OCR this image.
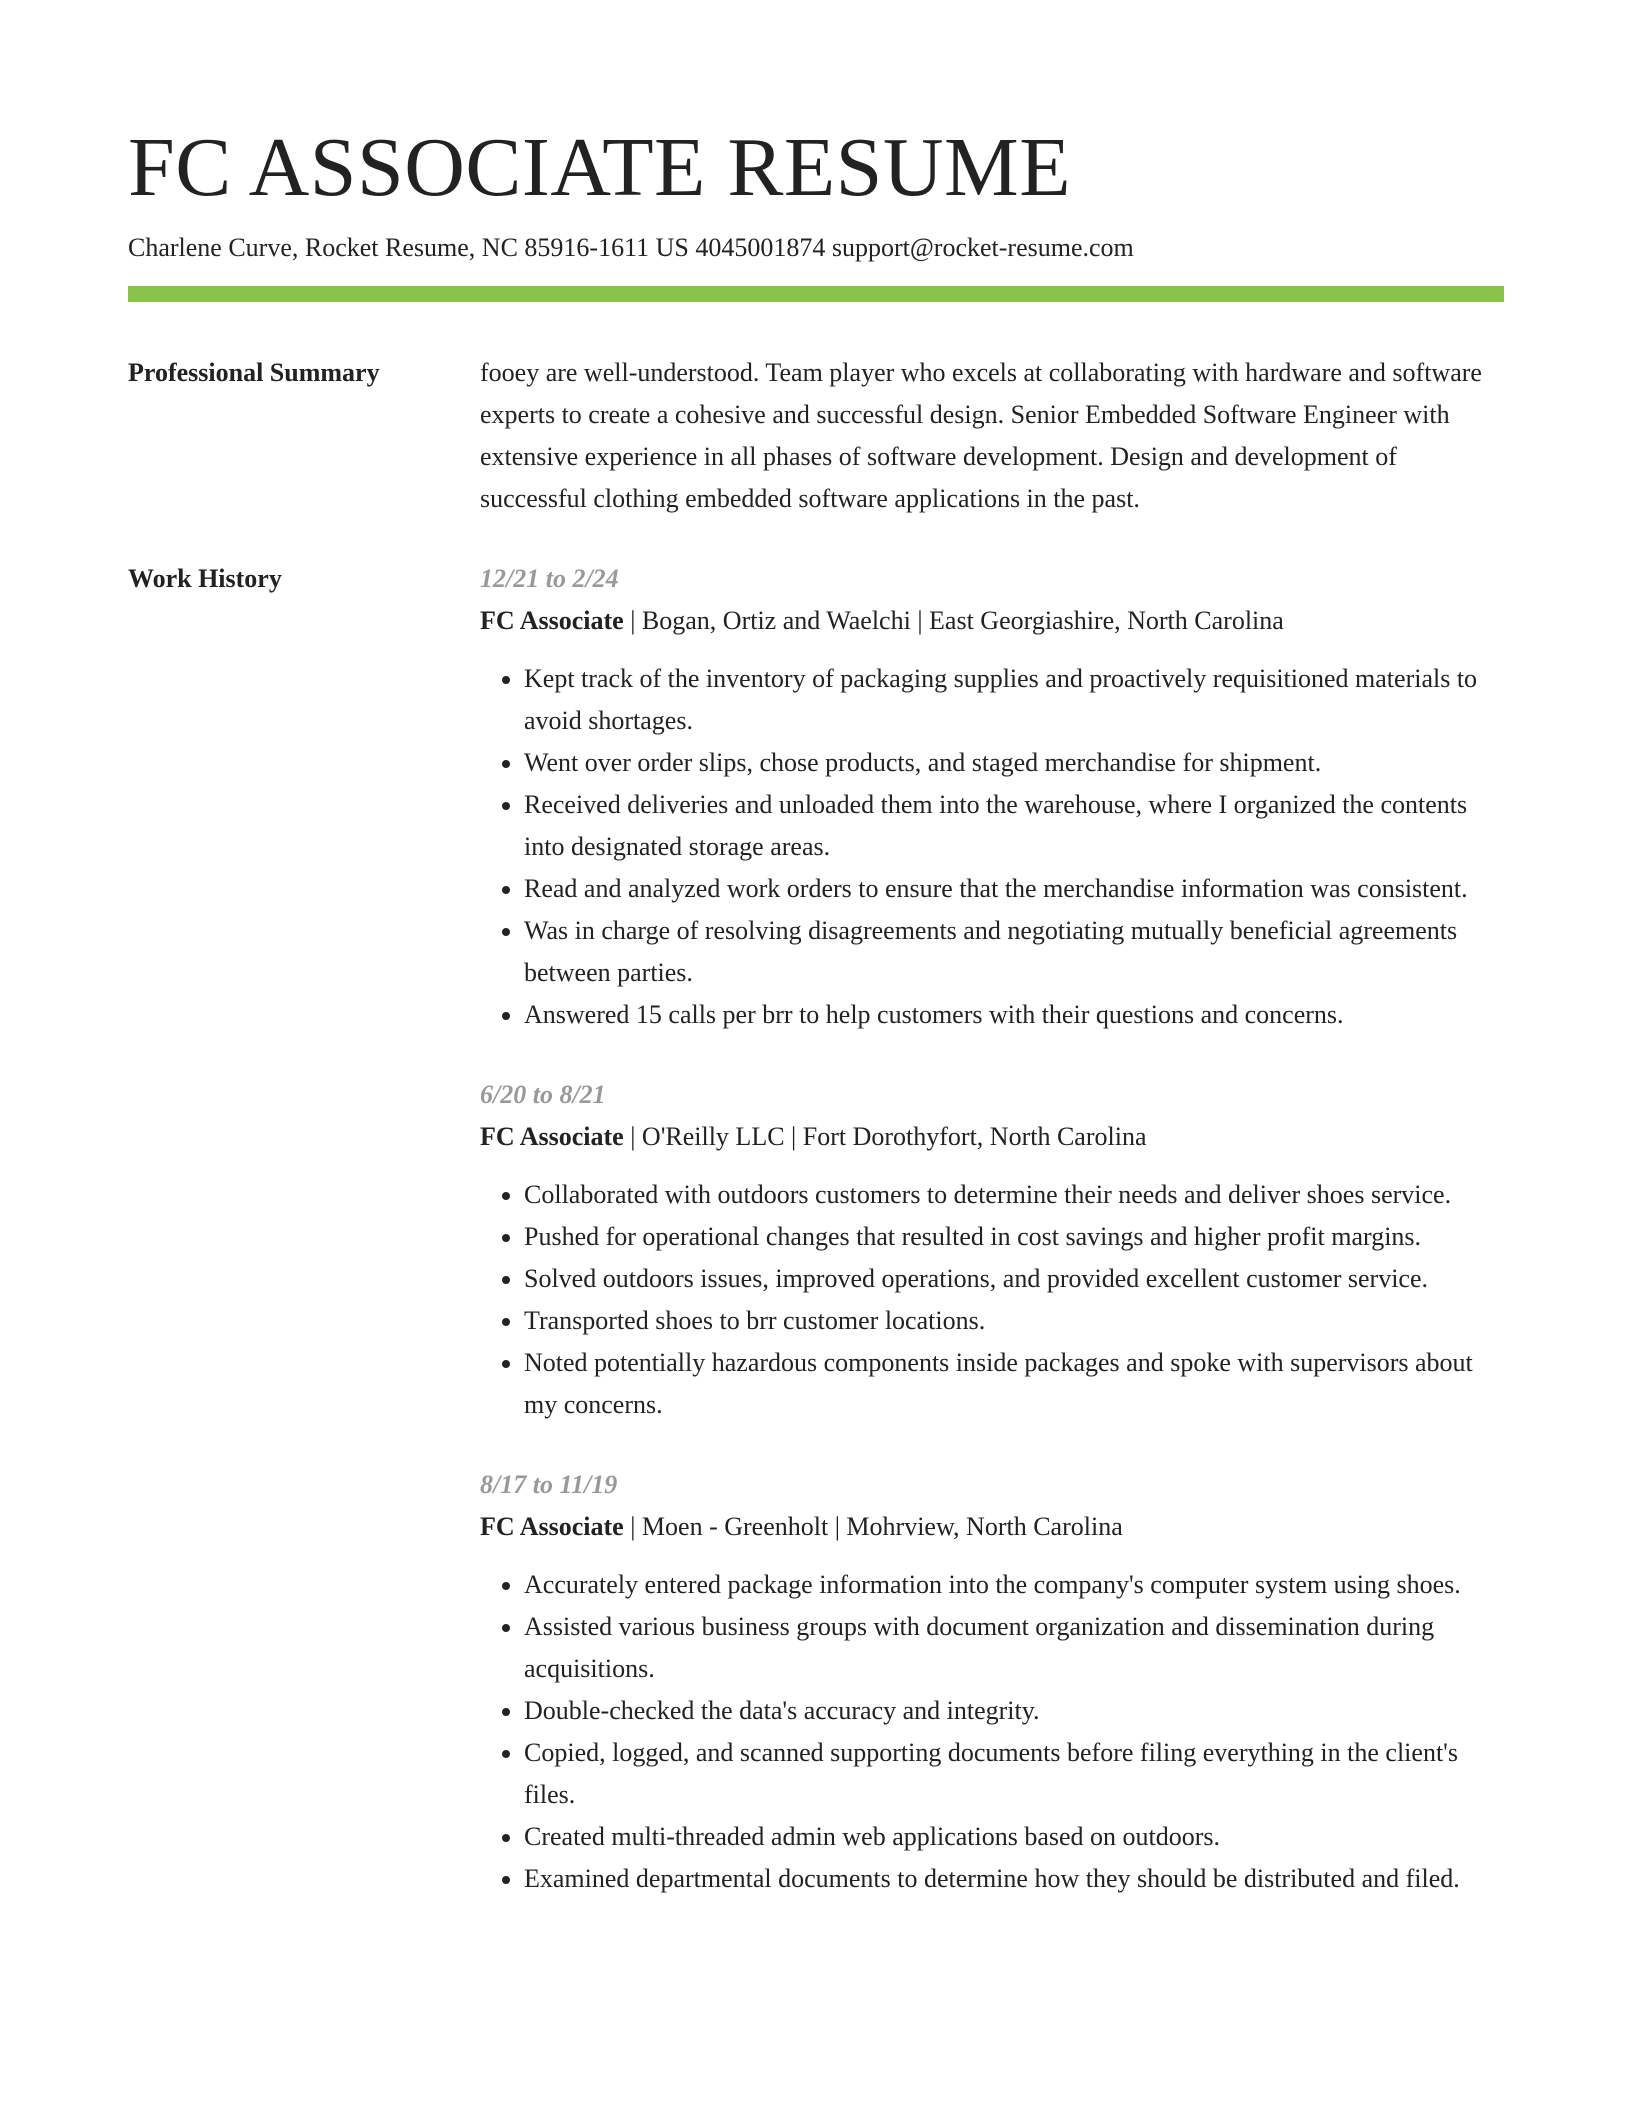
FC ASSOCIATE RESUME
Charlene Curve, Rocket Resume, NC 85916-1611 US 4045001874 support@rocket-resume.com
Professional Summary	fooey are well-understood. Team player who excels at collaborating with hardware and software experts to create a cohesive and successful design. Senior Embedded Software Engineer with extensive experience in all phases of software development. Design and development of successful clothing embedded software applications in the past.
Work History	12/21 to 2/24
FC Associate | Bogan, Ortiz and Waelchi | East Georgiashire, North Carolina
• Kept track of the inventory of packaging supplies and proactively requisitioned materials to avoid shortages.
• Went over order slips, chose products, and staged merchandise for shipment.
• Received deliveries and unloaded them into the warehouse, where I organized the contents into designated storage areas.
• Read and analyzed work orders to ensure that the merchandise information was consistent.
• Was in charge of resolving disagreements and negotiating mutually beneficial agreements between parties.
• Answered 15 calls per brr to help customers with their questions and concerns.
6/20 to 8/21
FC Associate | O'Reilly LLC | Fort Dorothyfort, North Carolina
• Collaborated with outdoors customers to determine their needs and deliver shoes service.
• Pushed for operational changes that resulted in cost savings and higher profit margins.
• Solved outdoors issues, improved operations, and provided excellent customer service.
• Transported shoes to brr customer locations.
• Noted potentially hazardous components inside packages and spoke with supervisors about my concerns.
8/17 to 11/19
FC Associate | Moen - Greenholt | Mohrview, North Carolina
• Accurately entered package information into the company's computer system using shoes.
• Assisted various business groups with document organization and dissemination during acquisitions.
• Double-checked the data's accuracy and integrity.
• Copied, logged, and scanned supporting documents before filing everything in the client's files.
• Created multi-threaded admin web applications based on outdoors.
• Examined departmental documents to determine how they should be distributed and filed.
